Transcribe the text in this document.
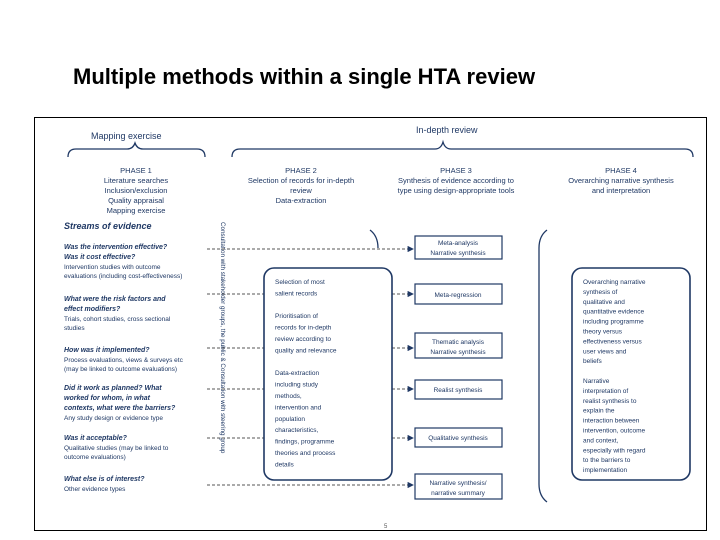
Multiple methods within a single HTA review
Mapping exercise
In-depth review
PHASE 1
Literature searches
Inclusion/exclusion
Quality appraisal
Mapping exercise
PHASE 2
Selection of records for in-depth
review
Data-extraction
PHASE 3
Synthesis of evidence according to
type using design-appropriate tools
PHASE 4
Overarching narrative synthesis
and interpretation
Streams of evidence
Was the intervention effective?
Was it cost effective?
Intervention studies with outcome
evaluations (including cost-effectiveness)
What were the risk factors and
effect modifiers?
Trials, cohort studies, cross sectional
studies
How was it implemented?
Process evaluations, views & surveys etc
(may be linked to outcome evaluations)
Did it work as planned? What
worked for whom, in what
contexts, what were the barriers?
Any study design or evidence type
Was it acceptable?
Qualitative studies (may be linked to
outcome evaluations)
What else is of interest?
Other evidence types
Consultation with stakeholder groups, the public & Consultation with steering group	Selection of most salient records Prioritisation of records for in-depth review according to quality and relevance Data-extraction including study methods, intervention and population characteristics, findings, programme theories and process details
Meta-analysis
Narrative synthesis
Meta-regression
Thematic analysis
Narrative synthesis
Realist synthesis
Qualitative synthesis
Narrative synthesis/
narrative summary
Overarching narrative synthesis of qualitative and quantitative evidence including programme theory versus effectiveness versus user views and beliefs Narrative interpretation of realist synthesis to explain the interaction between intervention, outcome and context, especially with regard to the barriers to implementation
5
